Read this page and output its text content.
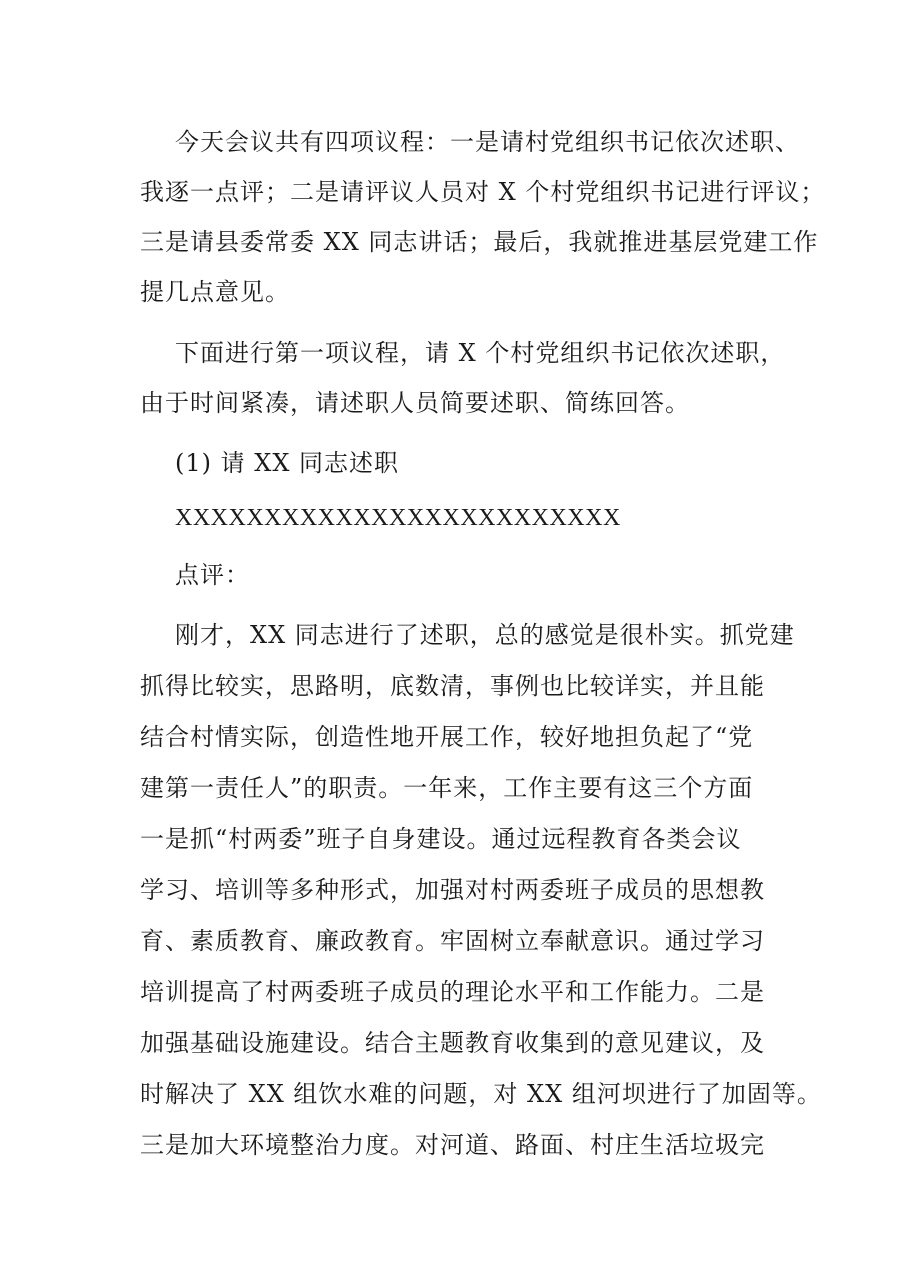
今天会议共有四项议程：一是请村党组织书记依次述职、
我逐一点评；二是请评议人员对 X 个村党组织书记进行评议；
三是请县委常委 XX 同志讲话；最后，我就推进基层党建工作
提几点意见。
下面进行第一项议程，请 X 个村党组织书记依次述职，
由于时间紧凑，请述职人员简要述职、简练回答。
(1) 请 XX 同志述职
XXXXXXXXXXXXXXXXXXXXXXXXX
点评：
刚才，XX 同志进行了述职，总的感觉是很朴实。抓党建
抓得比较实，思路明，底数清，事例也比较详实，并且能
结合村情实际，创造性地开展工作，较好地担负起了“党
建第一责任人”的职责。一年来，工作主要有这三个方面
一是抓“村两委”班子自身建设。通过远程教育各类会议
学习、培训等多种形式，加强对村两委班子成员的思想教
育、素质教育、廉政教育。牢固树立奉献意识。通过学习
培训提高了村两委班子成员的理论水平和工作能力。二是
加强基础设施建设。结合主题教育收集到的意见建议，及
时解决了 XX 组饮水难的问题，对 XX 组河坝进行了加固等。
三是加大环境整治力度。对河道、路面、村庄生活垃圾完
